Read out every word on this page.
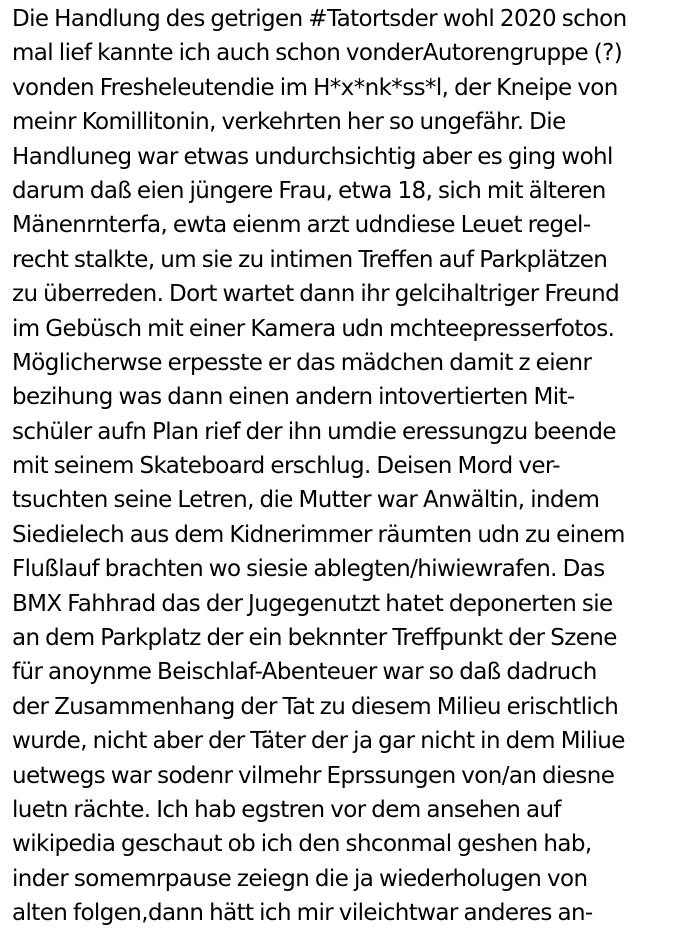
Die Handlung des getrigen #Tatortsder wohl 2020 schon
mal lief kannte ich auch schon vonderAutorengruppe (?)
vonden Fresheleutendie im H*x*nk*ss*l, der Kneipe von
meinr Komillitonin, verkehrten her so ungefähr. Die
Handluneg war etwas undurchsichtig aber es ging wohl
darum daß eien jüngere Frau, etwa 18, sich mit älteren
Mänenrnterfa, ewta eienm arzt udndiese Leuet regel-
recht stalkte, um sie zu intimen Treffen auf Parkplätzen
zu überreden. Dort wartet dann ihr gelcihaltriger Freund
im Gebüsch mit einer Kamera udn mchteepresserfotos.
Möglicherwse erpesste er das mädchen damit z eienr
bezihung was dann einen andern intovertierten Mit-
schüler aufn Plan rief der ihn umdie eressungzu beende
mit seinem Skateboard erschlug. Deisen Mord ver-
tsuchten seine Letren, die Mutter war Anwältin, indem
Siedielech aus dem Kidnerimmer räumten udn zu einem
Flußlauf brachten wo siesie ablegten/hiwiewrafen. Das
BMX Fahhrad das der Jugegenutzt hatet deponerten sie
an dem Parkplatz der ein beknnter Treffpunkt der Szene
für anoynme Beischlaf-Abenteuer war so daß dadruch
der Zusammenhang der Tat zu diesem Milieu erischtlich
wurde, nicht aber der Täter der ja gar nicht in dem Miliue
uetwegs war sodenr vilmehr Eprssungen von/an diesne
luetn rächte. Ich hab egstren vor dem ansehen auf
wikipedia geschaut ob ich den shconmal geshen hab,
inder somemrpause zeiegn die ja wiederholugen von
alten folgen,dann hätt ich mir vileichtwar anderes an-
